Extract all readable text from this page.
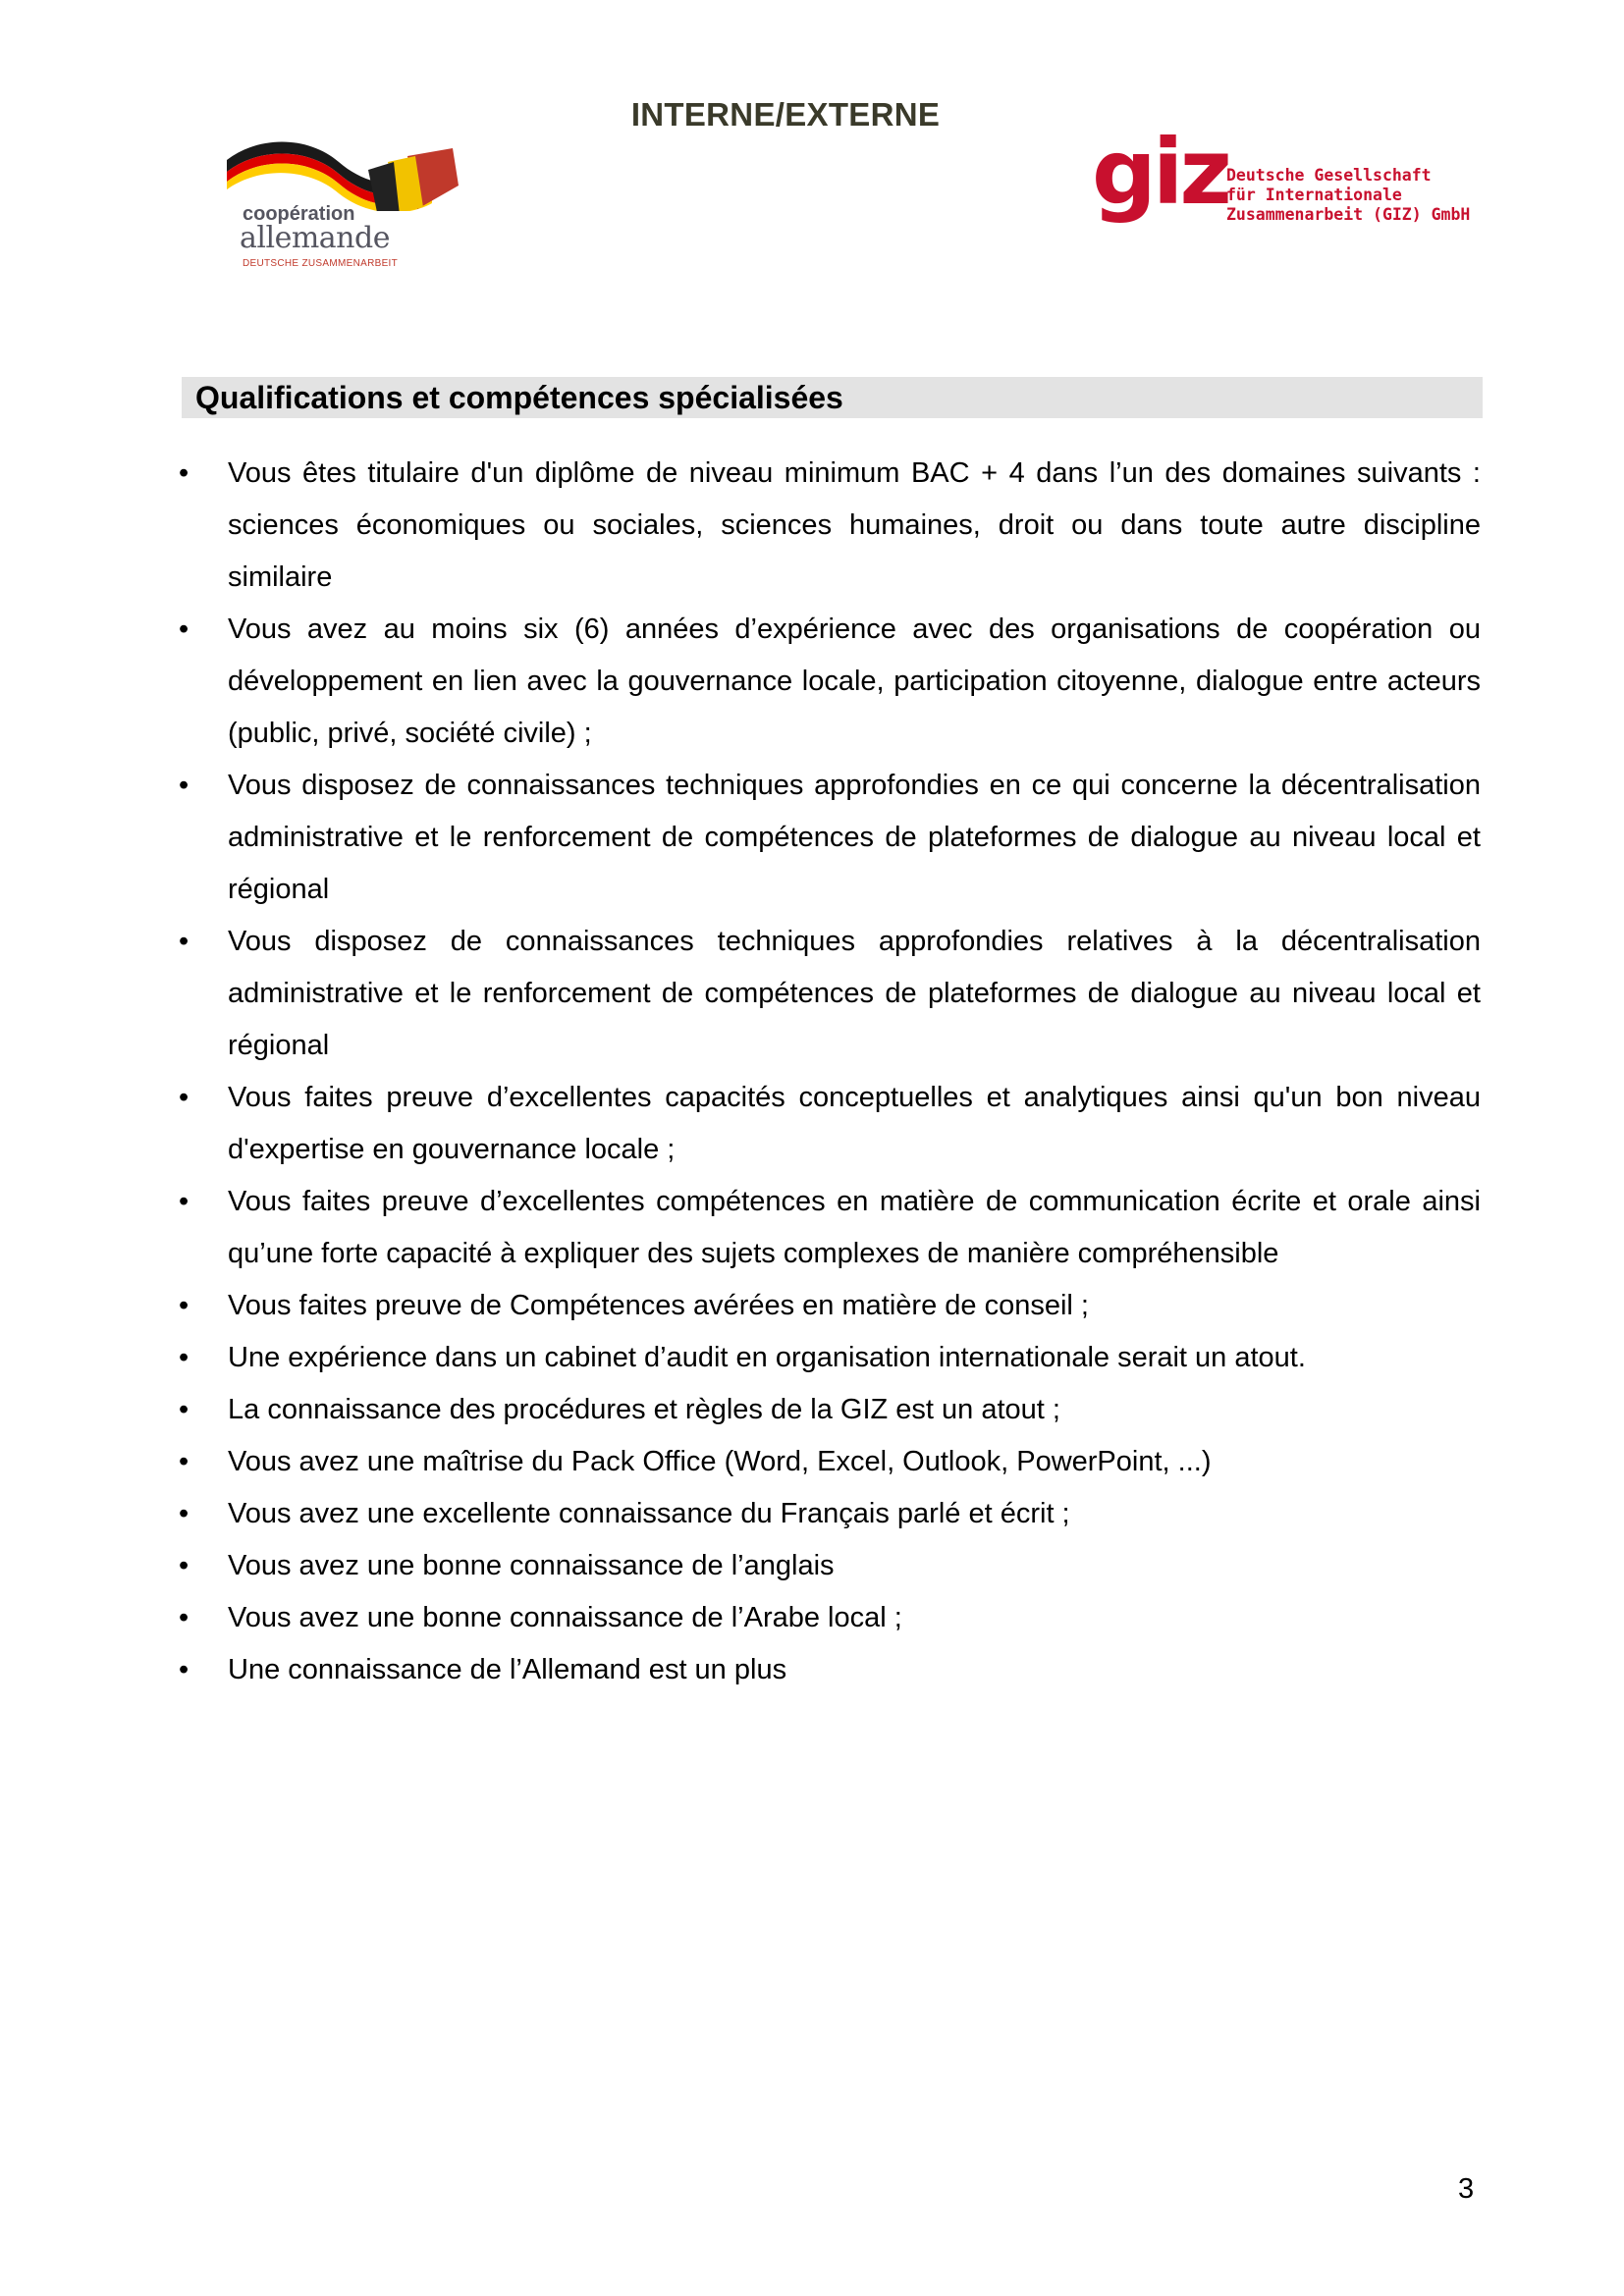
INTERNE/EXTERNE
coopération
allemande
DEUTSCHE ZUSAMMENARBEIT
giz
Deutsche Gesellschaft
für Internationale
Zusammenarbeit (GIZ) GmbH
Qualifications et compétences spécialisées
• Vous êtes titulaire d'un diplôme de niveau minimum BAC + 4 dans l’un des domaines suivants : sciences économiques ou sociales, sciences humaines, droit ou dans toute autre discipline similaire
• Vous avez au moins six (6) années d’expérience avec des organisations de coopération ou développement en lien avec la gouvernance locale, participation citoyenne, dialogue entre acteurs (public, privé, société civile) ;
• Vous disposez de connaissances techniques approfondies en ce qui concerne la décentralisation administrative et le renforcement de compétences de plateformes de dialogue au niveau local et régional
• Vous disposez de connaissances techniques approfondies relatives à la décentralisation administrative et le renforcement de compétences de plateformes de dialogue au niveau local et régional
• Vous faites preuve d’excellentes capacités conceptuelles et analytiques ainsi qu'un bon niveau d'expertise en gouvernance locale ;
• Vous faites preuve d’excellentes compétences en matière de communication écrite et orale ainsi qu’une forte capacité à expliquer des sujets complexes de manière compréhensible
• Vous faites preuve de Compétences avérées en matière de conseil ;
• Une expérience dans un cabinet d’audit en organisation internationale serait un atout.
• La connaissance des procédures et règles de la GIZ est un atout ;
• Vous avez une maîtrise du Pack Office (Word, Excel, Outlook, PowerPoint, ...)
• Vous avez une excellente connaissance du Français parlé et écrit ;
• Vous avez une bonne connaissance de l’anglais
• Vous avez une bonne connaissance de l’Arabe local ;
• Une connaissance de l’Allemand est un plus
3
